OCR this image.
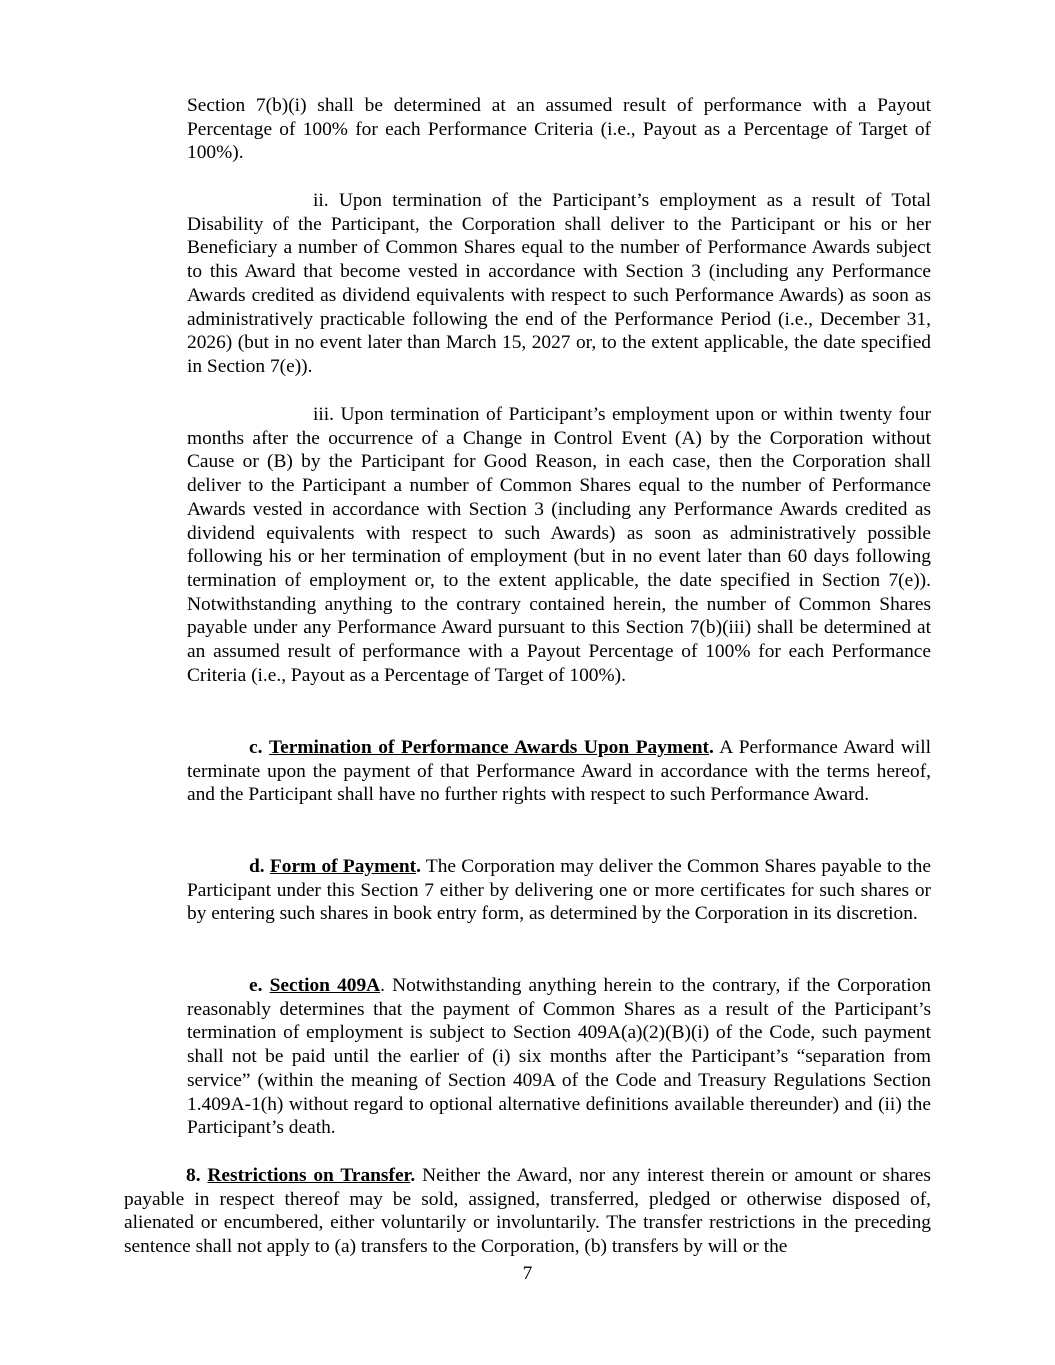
Section 7(b)(i) shall be determined at an assumed result of performance with a Payout Percentage of 100% for each Performance Criteria (i.e., Payout as a Percentage of Target of 100%).

ii. Upon termination of the Participant’s employment as a result of Total Disability of the Participant, the Corporation shall deliver to the Participant or his or her Beneficiary a number of Common Shares equal to the number of Performance Awards subject to this Award that become vested in accordance with Section 3 (including any Performance Awards credited as dividend equivalents with respect to such Performance Awards) as soon as administratively practicable following the end of the Performance Period (i.e., December 31, 2026) (but in no event later than March 15, 2027 or, to the extent applicable, the date specified in Section 7(e)).

iii. Upon termination of Participant’s employment upon or within twenty four months after the occurrence of a Change in Control Event (A) by the Corporation without Cause or (B) by the Participant for Good Reason, in each case, then the Corporation shall deliver to the Participant a number of Common Shares equal to the number of Performance Awards vested in accordance with Section 3 (including any Performance Awards credited as dividend equivalents with respect to such Awards) as soon as administratively possible following his or her termination of employment (but in no event later than 60 days following termination of employment or, to the extent applicable, the date specified in Section 7(e)). Notwithstanding anything to the contrary contained herein, the number of Common Shares payable under any Performance Award pursuant to this Section 7(b)(iii) shall be determined at an assumed result of performance with a Payout Percentage of 100% for each Performance Criteria (i.e., Payout as a Percentage of Target of 100%).

c. Termination of Performance Awards Upon Payment. A Performance Award will terminate upon the payment of that Performance Award in accordance with the terms hereof, and the Participant shall have no further rights with respect to such Performance Award.

d. Form of Payment. The Corporation may deliver the Common Shares payable to the Participant under this Section 7 either by delivering one or more certificates for such shares or by entering such shares in book entry form, as determined by the Corporation in its discretion.

e. Section 409A. Notwithstanding anything herein to the contrary, if the Corporation reasonably determines that the payment of Common Shares as a result of the Participant’s termination of employment is subject to Section 409A(a)(2)(B)(i) of the Code, such payment shall not be paid until the earlier of (i) six months after the Participant’s “separation from service” (within the meaning of Section 409A of the Code and Treasury Regulations Section 1.409A-1(h) without regard to optional alternative definitions available thereunder) and (ii) the Participant’s death.

8. Restrictions on Transfer. Neither the Award, nor any interest therein or amount or shares payable in respect thereof may be sold, assigned, transferred, pledged or otherwise disposed of, alienated or encumbered, either voluntarily or involuntarily. The transfer restrictions in the preceding sentence shall not apply to (a) transfers to the Corporation, (b) transfers by will or the

7
